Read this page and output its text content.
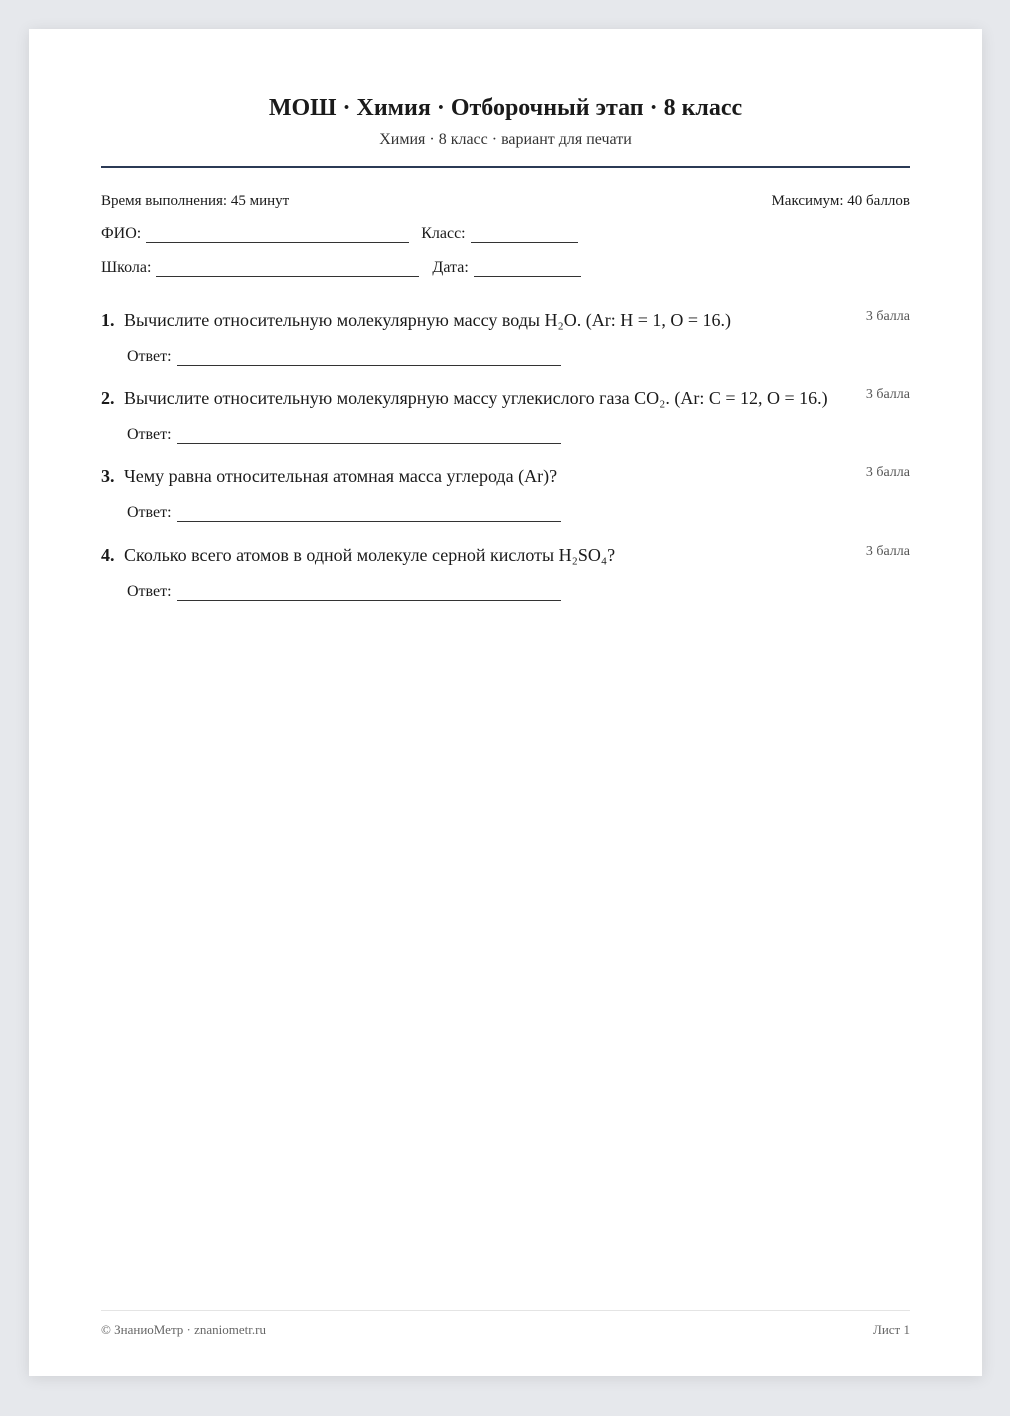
МОШ · Химия · Отборочный этап · 8 класс
Химия · 8 класс · вариант для печати
Время выполнения: 45 минут	Максимум: 40 баллов
ФИО:	Класс:
Школа:	Дата:
1. Вычислите относительную молекулярную массу воды H₂O. (Ar: H = 1, O = 16.)	3 балла
Ответ:
2. Вычислите относительную молекулярную массу углекислого газа CO₂. (Ar: C = 12, O = 16.)	3 балла
Ответ:
3. Чему равна относительная атомная масса углерода (Ar)?	3 балла
Ответ:
4. Сколько всего атомов в одной молекуле серной кислоты H₂SO₄?	3 балла
Ответ:
© ЗнаниоМетр · znaniometr.ru	Лист 1
